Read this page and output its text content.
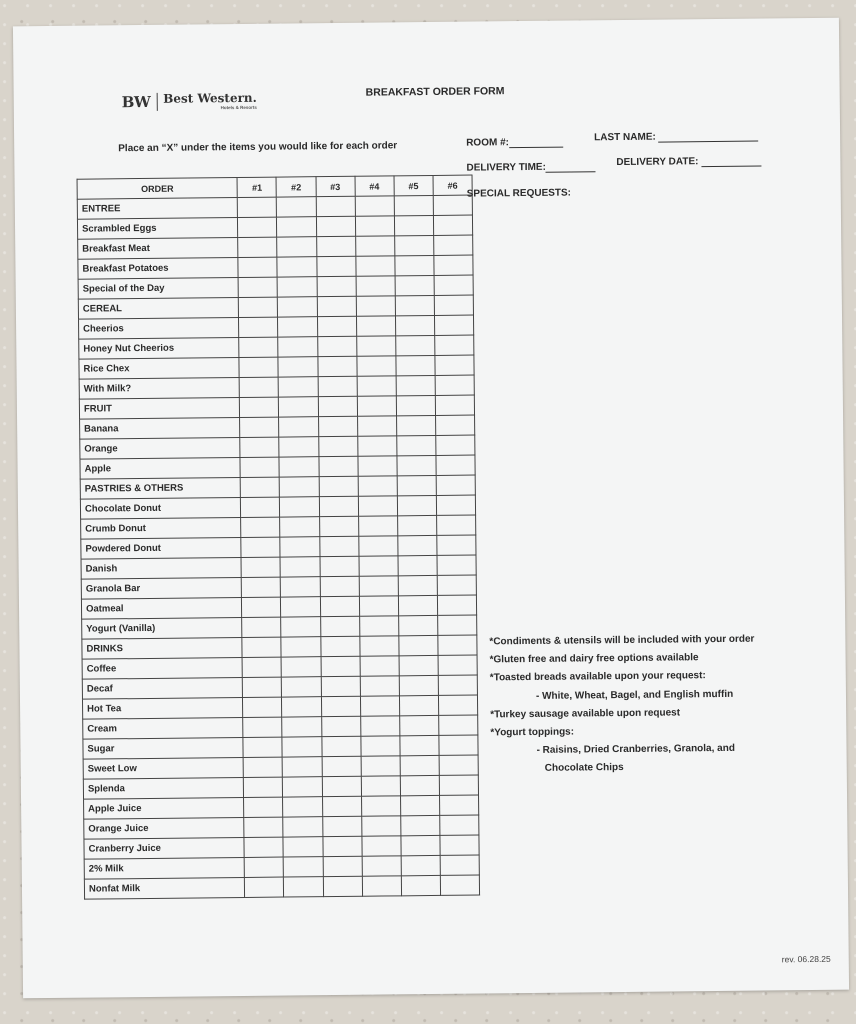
BW Best Western.
Hotels & Resorts
BREAKFAST ORDER FORM
Place an “X” under the items you would like for each order	ROOM #:	LAST NAME:
DELIVERY TIME:	DELIVERY DATE:
SPECIAL REQUESTS:
ORDER	#1	#2	#3	#4	#5	#6
ENTREE						
Scrambled Eggs						
Breakfast Meat						
Breakfast Potatoes						
Special of the Day						
CEREAL						
Cheerios						
Honey Nut Cheerios						
Rice Chex						
With Milk?						
FRUIT						
Banana						
Orange						
Apple						
PASTRIES & OTHERS						
Chocolate Donut						
Crumb Donut						
Powdered Donut						
Danish						
Granola Bar						
Oatmeal						
Yogurt (Vanilla)						
DRINKS						
Coffee						
Decaf						
Hot Tea						
Cream						
Sugar						
Sweet Low						
Splenda						
Apple Juice						
Orange Juice						
Cranberry Juice						
2% Milk						
Nonfat Milk						
*Condiments & utensils will be included with your order
*Gluten free and dairy free options available
*Toasted breads available upon your request:
- White, Wheat, Bagel, and English muffin
*Turkey sausage available upon request
*Yogurt toppings:
- Raisins, Dried Cranberries, Granola, and
Chocolate Chips
rev. 06.28.25
